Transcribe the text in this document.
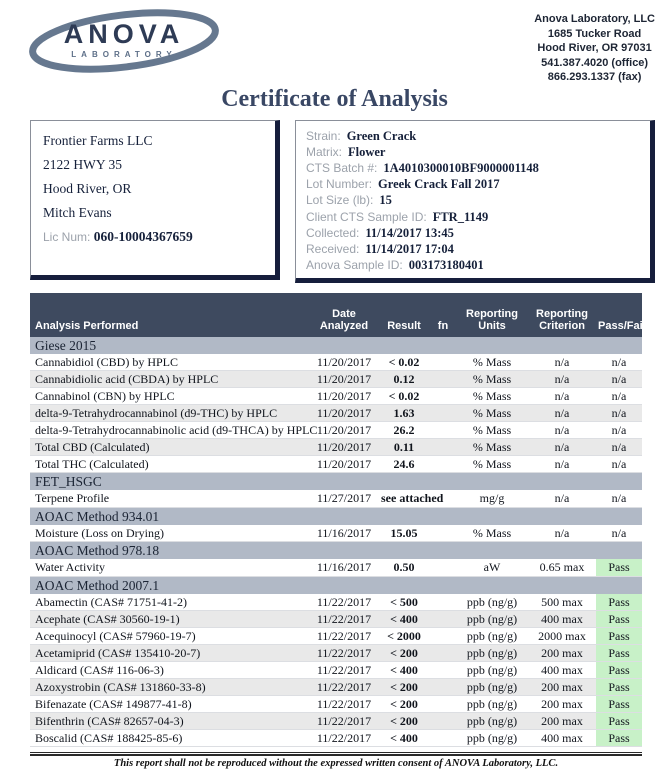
ANOVA
LABORATORY
Anova Laboratory, LLC
1685 Tucker Road
Hood River, OR 97031
541.387.4020 (office)
866.293.1337 (fax)
Certificate of Analysis
Frontier Farms LLC
2122 HWY 35
Hood River, OR
Mitch Evans
Lic Num: 060-10004367659
Strain: Green Crack
Matrix: Flower
CTS Batch #: 1A4010300010BF9000001148
Lot Number: Greek Crack Fall 2017
Lot Size (lb): 15
Client CTS Sample ID: FTR_1149
Collected: 11/14/2017 13:45
Received: 11/14/2017 17:04
Anova Sample ID: 003173180401
Analysis Performed	Date Analyzed	Result	fn	Reporting Units	Reporting Criterion	Pass/Fail
Giese 2015						
Cannabidiol (CBD) by HPLC	11/20/2017	< 0.02		% Mass	n/a	n/a
Cannabidiolic acid (CBDA) by HPLC	11/20/2017	0.12		% Mass	n/a	n/a
Cannabinol (CBN) by HPLC	11/20/2017	< 0.02		% Mass	n/a	n/a
delta-9-Tetrahydrocannabinol (d9-THC) by HPLC	11/20/2017	1.63		% Mass	n/a	n/a
delta-9-Tetrahydrocannabinolic acid (d9-THCA) by HPLC	11/20/2017	26.2		% Mass	n/a	n/a
Total CBD (Calculated)	11/20/2017	0.11		% Mass	n/a	n/a
Total THC (Calculated)	11/20/2017	24.6		% Mass	n/a	n/a
FET_HSGC						
Terpene Profile	11/27/2017	see attached		mg/g	n/a	n/a
AOAC Method 934.01						
Moisture (Loss on Drying)	11/16/2017	15.05		% Mass	n/a	n/a
AOAC Method 978.18						
Water Activity	11/16/2017	0.50		aW	0.65 max	Pass
AOAC Method 2007.1						
Abamectin (CAS# 71751-41-2)	11/22/2017	< 500		ppb (ng/g)	500 max	Pass
Acephate (CAS# 30560-19-1)	11/22/2017	< 400		ppb (ng/g)	400 max	Pass
Acequinocyl (CAS# 57960-19-7)	11/22/2017	< 2000		ppb (ng/g)	2000 max	Pass
Acetamiprid (CAS# 135410-20-7)	11/22/2017	< 200		ppb (ng/g)	200 max	Pass
Aldicard (CAS# 116-06-3)	11/22/2017	< 400		ppb (ng/g)	400 max	Pass
Azoxystrobin (CAS# 131860-33-8)	11/22/2017	< 200		ppb (ng/g)	200 max	Pass
Bifenazate (CAS# 149877-41-8)	11/22/2017	< 200		ppb (ng/g)	200 max	Pass
Bifenthrin (CAS# 82657-04-3)	11/22/2017	< 200		ppb (ng/g)	200 max	Pass
Boscalid (CAS# 188425-85-6)	11/22/2017	< 400		ppb (ng/g)	400 max	Pass
This report shall not be reproduced without the expressed written consent of ANOVA Laboratory, LLC.
